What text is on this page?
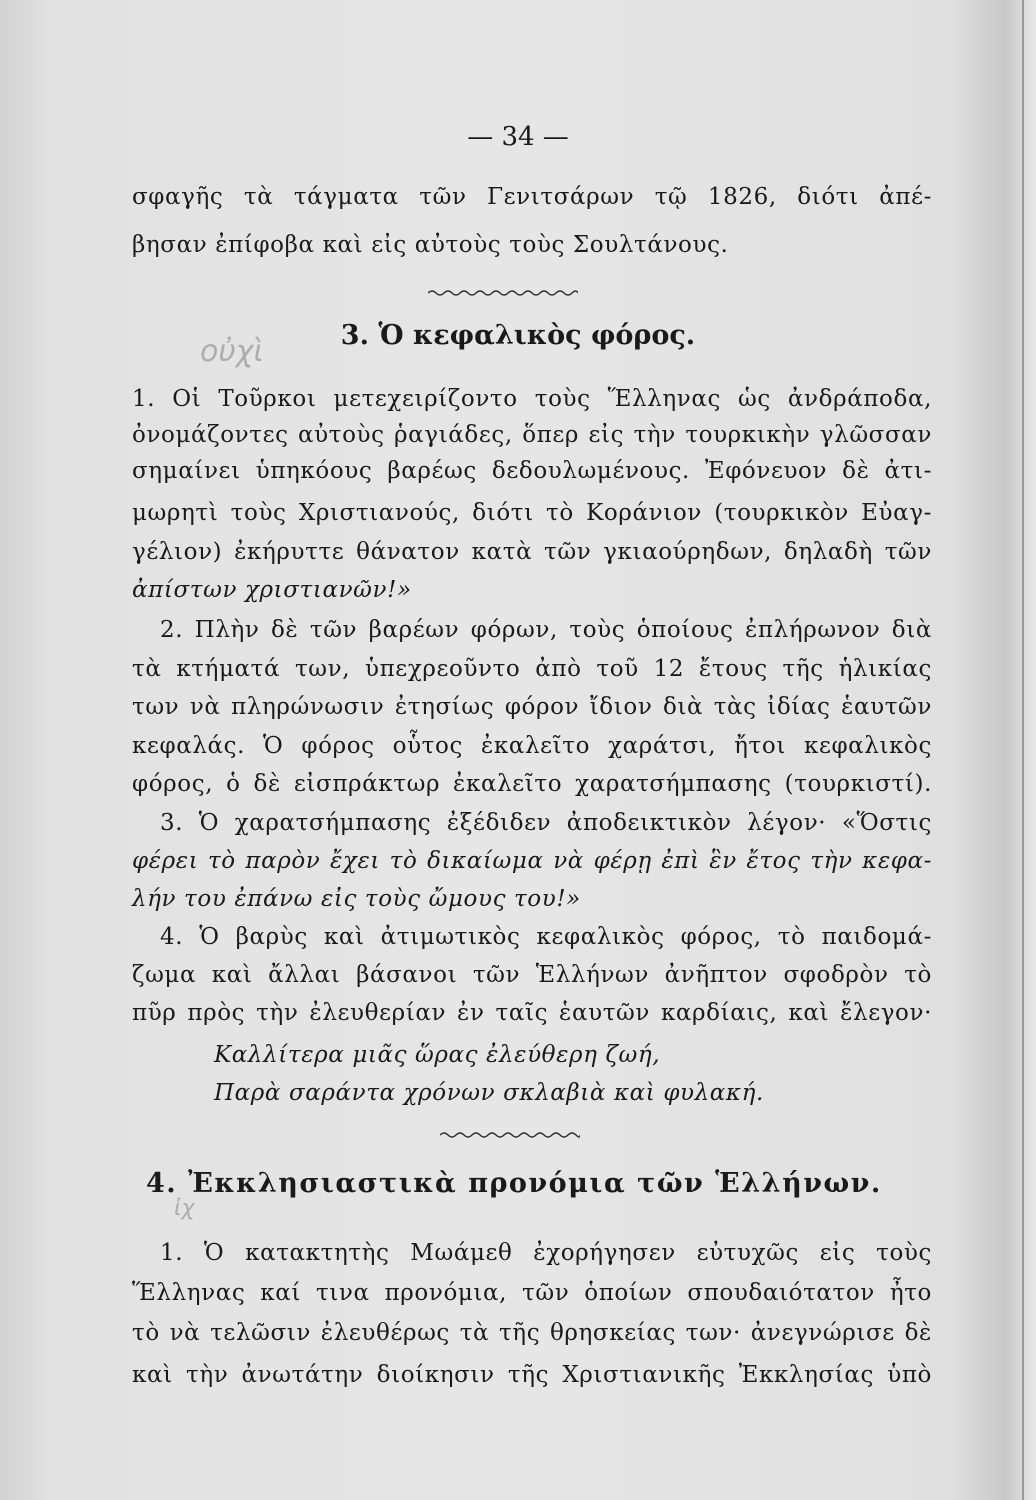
— 34 —
σφαγῆς τὰ τάγματα τῶν Γενιτσάρων τῷ 1826, διότι ἀπέ-
βησαν ἐπίφοβα καὶ εἰς αὐτοὺς τοὺς Σουλτάνους.
οὐχὶ	3. Ὁ κεφαλικὸς φόρος.
1. Οἱ Τοῦρκοι μετεχειρίζοντο τοὺς Ἕλληνας ὡς ἀνδράποδα,
ὀνομάζοντες αὐτοὺς ῥαγιάδες, ὅπερ εἰς τὴν τουρκικὴν γλῶσσαν
σημαίνει ὑπηκόους βαρέως δεδουλωμένους. Ἐφόνευον δὲ ἀτι-
μωρητὶ τοὺς Χριστιανούς, διότι τὸ Κοράνιον (τουρκικὸν Εὐαγ-
γέλιον) ἐκήρυττε θάνατον κατὰ τῶν γκιαούρηδων, δηλαδὴ τῶν
ἀπίστων χριστιανῶν!»
2. Πλὴν δὲ τῶν βαρέων φόρων, τοὺς ὁποίους ἐπλήρωνον διὰ
τὰ κτήματά των, ὑπεχρεοῦντο ἀπὸ τοῦ 12 ἔτους τῆς ἡλικίας
των νὰ πληρώνωσιν ἐτησίως φόρον ἴδιον διὰ τὰς ἰδίας ἑαυτῶν
κεφαλάς. Ὁ φόρος οὗτος ἐκαλεῖτο χαράτσι, ἤτοι κεφαλικὸς
φόρος, ὁ δὲ εἰσπράκτωρ ἐκαλεῖτο χαρατσήμπασης (τουρκιστί).
3. Ὁ χαρατσήμπασης ἐξέδιδεν ἀποδεικτικὸν λέγον· «Ὅστις
φέρει τὸ παρὸν ἔχει τὸ δικαίωμα νὰ φέρῃ ἐπὶ ἓν ἔτος τὴν κεφα-
λήν του ἐπάνω εἰς τοὺς ὤμους του!»
4. Ὁ βαρὺς καὶ ἀτιμωτικὸς κεφαλικὸς φόρος, τὸ παιδομά-
ζωμα καὶ ἄλλαι βάσανοι τῶν Ἑλλήνων ἀνῆπτον σφοδρὸν τὸ
πῦρ πρὸς τὴν ἐλευθερίαν ἐν ταῖς ἑαυτῶν καρδίαις, καὶ ἔλεγον·
Καλλίτερα μιᾶς ὥρας ἐλεύθερη ζωή,
Παρὰ σαράντα χρόνων σκλαβιὰ καὶ φυλακή.
ἰχ
4. Ἐκκλησιαστικὰ προνόμια τῶν Ἑλλήνων.
1. Ὁ κατακτητὴς Μωάμεθ ἐχορήγησεν εὐτυχῶς εἰς τοὺς
Ἕλληνας καί τινα προνόμια, τῶν ὁποίων σπουδαιότατον ἦτο
τὸ νὰ τελῶσιν ἐλευθέρως τὰ τῆς θρησκείας των· ἀνεγνώρισε δὲ
καὶ τὴν ἀνωτάτην διοίκησιν τῆς Χριστιανικῆς Ἐκκλησίας ὑπὸ
